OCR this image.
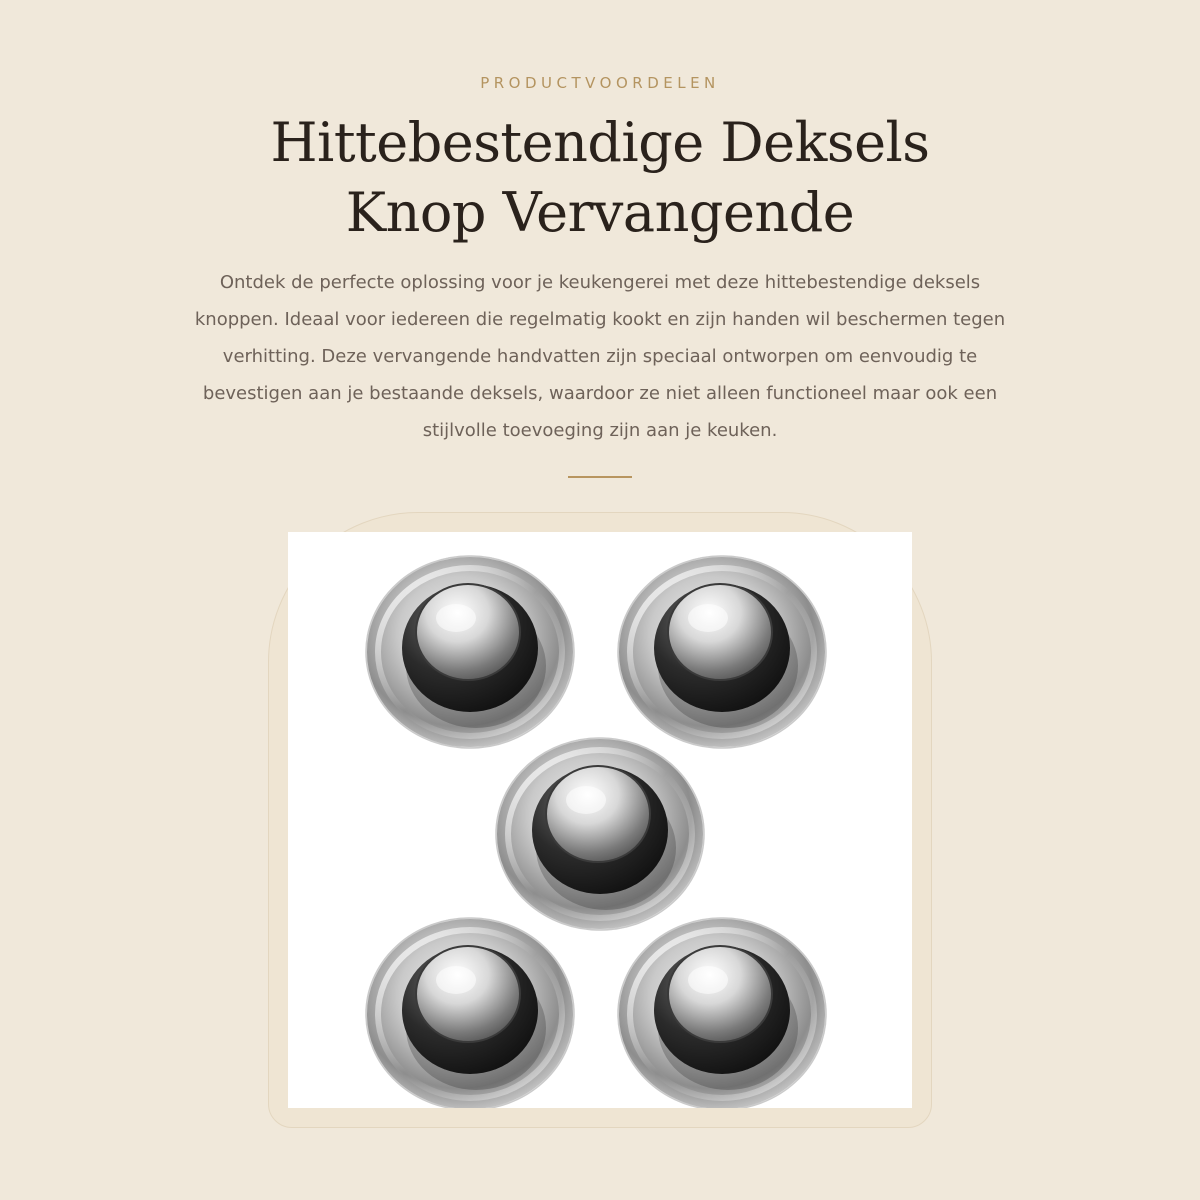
PRODUCTVOORDELEN
Hittebestendige Deksels
Knop Vervangende

Ontdek de perfecte oplossing voor je keukengerei met deze hittebestendige deksels knoppen. Ideaal voor iedereen die regelmatig kookt en zijn handen wil beschermen tegen verhitting. Deze vervangende handvatten zijn speciaal ontworpen om eenvoudig te bevestigen aan je bestaande deksels, waardoor ze niet alleen functioneel maar ook een stijlvolle toevoeging zijn aan je keuken.
